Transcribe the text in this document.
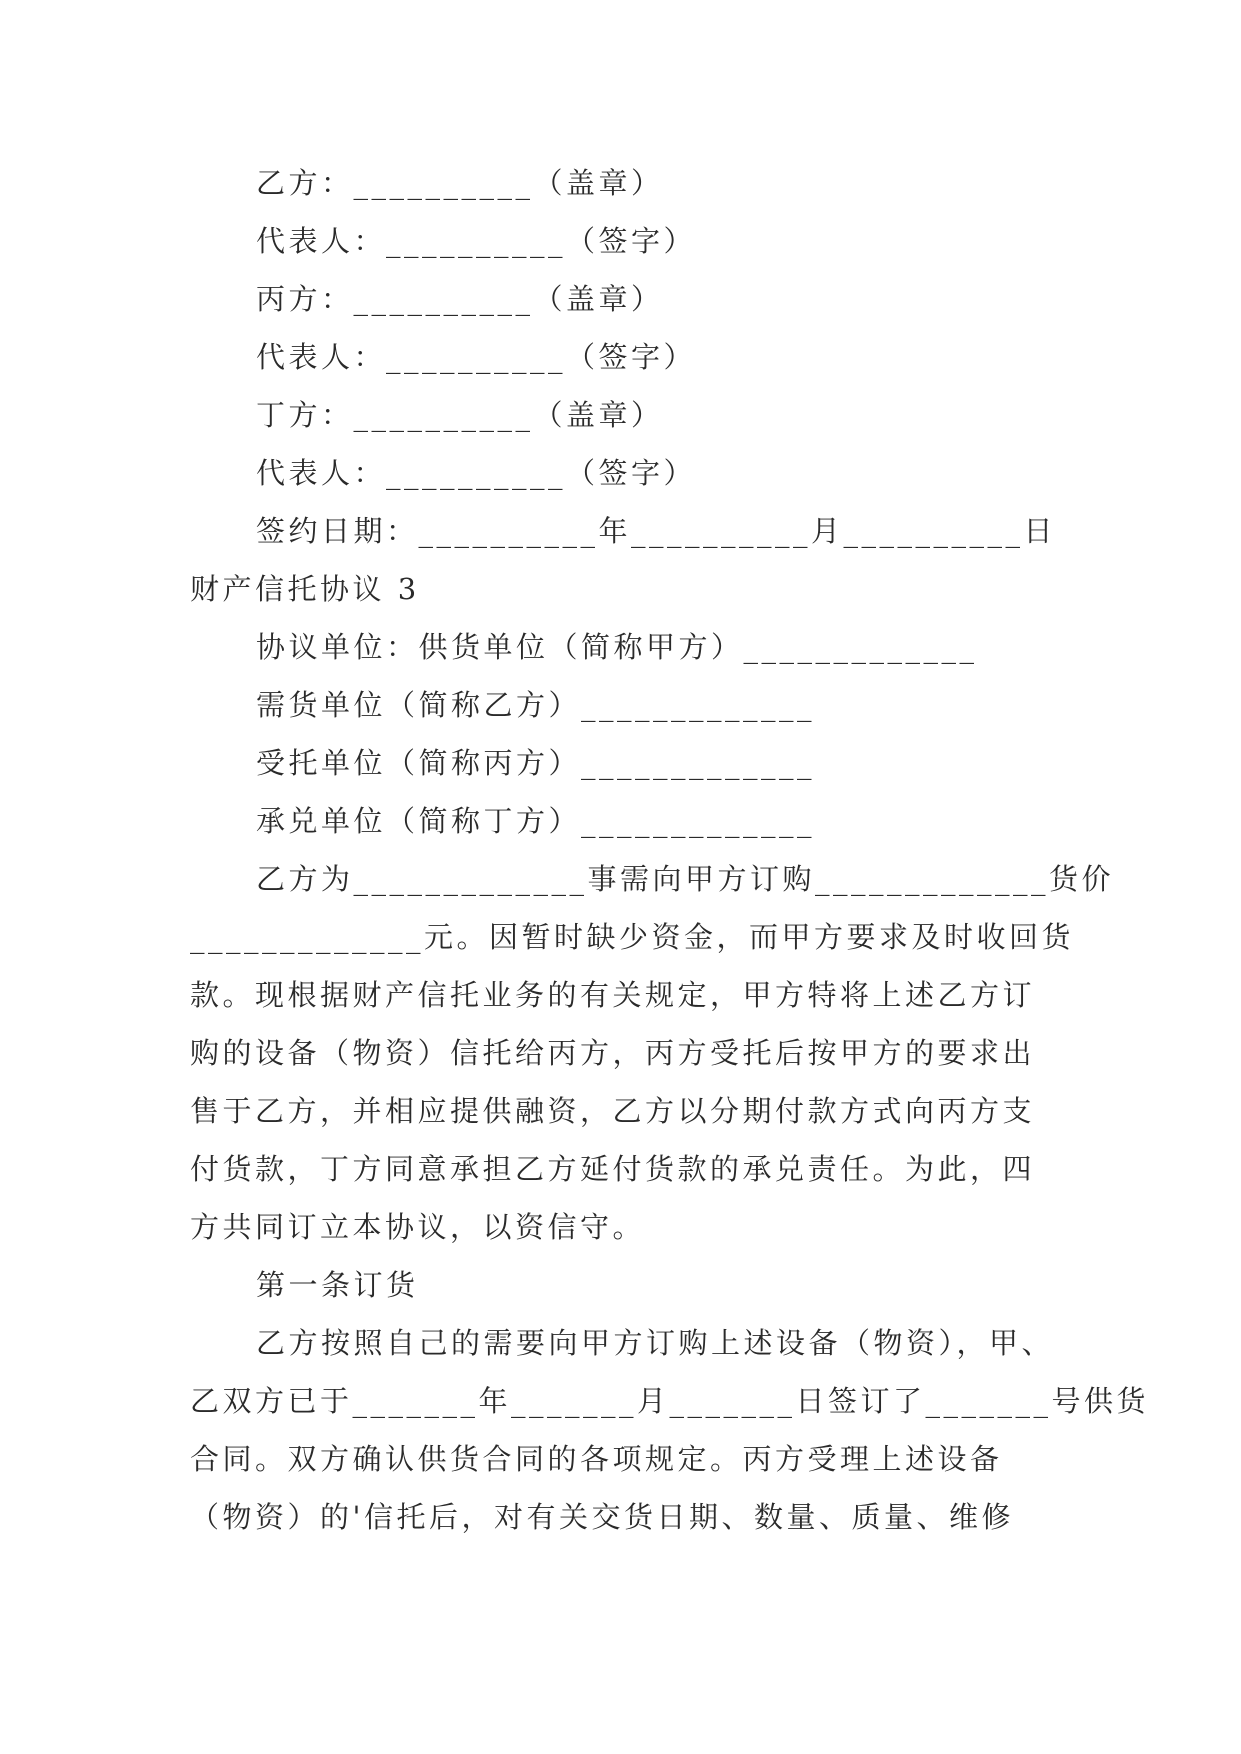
乙方：__________（盖章）
代表人：__________（签字）
丙方：__________（盖章）
代表人：__________（签字）
丁方：__________（盖章）
代表人：__________（签字）
签约日期：__________年__________月__________日
财产信托协议 3
协议单位：供货单位（简称甲方）_____________
需货单位（简称乙方）_____________
受托单位（简称丙方）_____________
承兑单位（简称丁方）_____________
乙方为_____________事需向甲方订购_____________货价
_____________元。因暂时缺少资金，而甲方要求及时收回货
款。现根据财产信托业务的有关规定，甲方特将上述乙方订
购的设备（物资）信托给丙方，丙方受托后按甲方的要求出
售于乙方，并相应提供融资，乙方以分期付款方式向丙方支
付货款，丁方同意承担乙方延付货款的承兑责任。为此，四
方共同订立本协议，以资信守。
第一条订货
乙方按照自己的需要向甲方订购上述设备（物资），甲、
乙双方已于_______年_______月_______日签订了_______号供货
合同。双方确认供货合同的各项规定。丙方受理上述设备
（物资）的'信托后，对有关交货日期、数量、质量、维修
